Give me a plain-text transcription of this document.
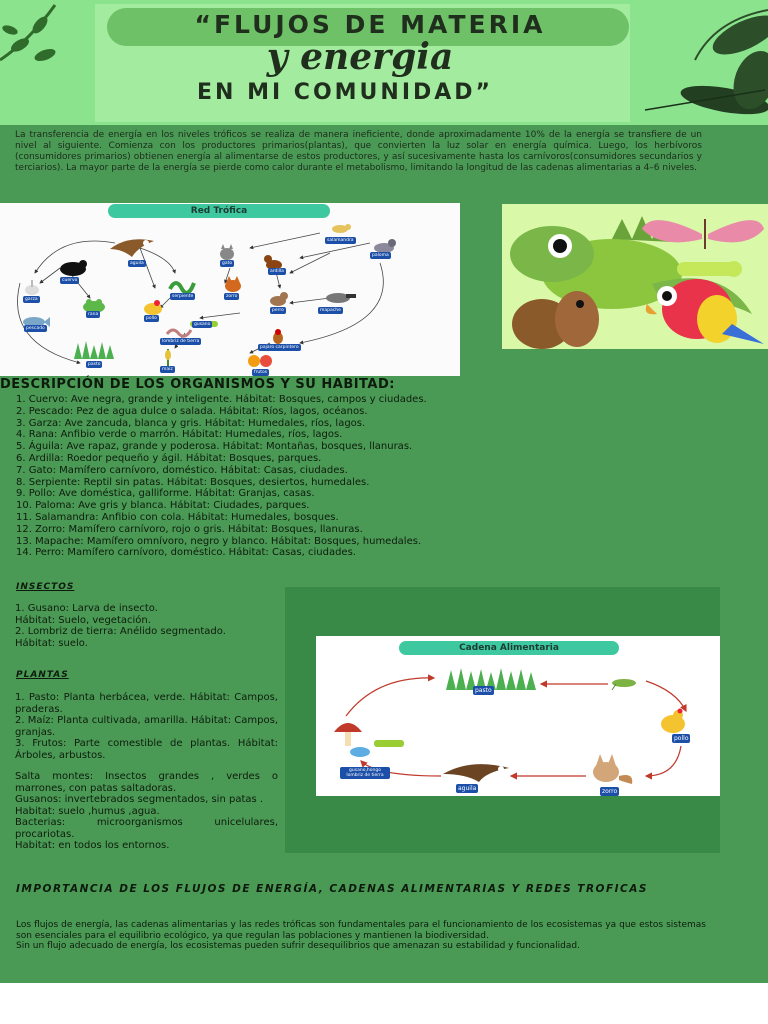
“FLUJOS DE MATERIA
y energia
EN MI COMUNIDAD”
La transferencia de energía en los niveles tróficos se realiza de manera ineficiente, donde aproximadamente 10% de la energía se transfiere de un nivel al siguiente. Comienza con los productores primarios(plantas), que convierten la luz solar en energía química. Luego, los herbívoros (consumidores primarios) obtienen energía al alimentarse de estos productores, y así sucesivamente hasta los carnívoros(consumidores secundarios y terciarios). La mayor parte de la energía se pierde como calor durante el metabolismo, limitando la longitud de las cadenas alimentarias a 4–6 niveles.
Red Trófica
aguila
cuervo
garza
pescado
rana
serpiente
pollo
gusano
lombriz de tierra
pasto
maiz
gato
ardilla
zorro
salamandra
paloma
perro	mapache
pajaro carpintero
frutos
DESCRIPCIÓN DE LOS ORGANISMOS Y SU HABITAD:
1. Cuervo: Ave negra, grande y inteligente. Hábitat: Bosques, campos y ciudades.
2. Pescado: Pez de agua dulce o salada. Hábitat: Ríos, lagos, océanos.
3. Garza: Ave zancuda, blanca y gris. Hábitat: Humedales, ríos, lagos.
4. Rana: Anfibio verde o marrón. Hábitat: Humedales, ríos, lagos.
5. Águila: Ave rapaz, grande y poderosa. Hábitat: Montañas, bosques, llanuras.
6. Ardilla: Roedor pequeño y ágil. Hábitat: Bosques, parques.
7. Gato: Mamífero carnívoro, doméstico. Hábitat: Casas, ciudades.
8. Serpiente: Reptil sin patas. Hábitat: Bosques, desiertos, humedales.
9. Pollo: Ave doméstica, galliforme. Hábitat: Granjas, casas.
10. Paloma: Ave gris y blanca. Hábitat: Ciudades, parques.
11. Salamandra: Anfibio con cola. Hábitat: Humedales, bosques.
12. Zorro: Mamífero carnívoro, rojo o gris. Hábitat: Bosques, llanuras.
13. Mapache: Mamífero omnívoro, negro y blanco. Hábitat: Bosques, humedales.
14. Perro: Mamífero carnívoro, doméstico. Hábitat: Casas, ciudades.
Cadena Alimentaria
pasto
pollo
zorro
aguila
gusano,hongo lombriz de tierra
INSECTOS

1. Gusano: Larva de insecto.

Hábitat: Suelo, vegetación.

2. Lombriz de tierra: Anélido segmentado.

Hábitat: suelo.

PLANTAS

1. Pasto: Planta herbácea, verde. Hábitat: Campos, praderas.

2. Maíz: Planta cultivada, amarilla. Hábitat: Campos, granjas.

3. Frutos: Parte comestible de plantas. Hábitat: Árboles, arbustos.

Salta montes: Insectos grandes , verdes o marrones, con patas saltadoras.

Gusanos: invertebrados segmentados, sin patas .

Habitat: suelo ,humus ,agua.

Bacterias: microorganismos unicelulares, procariotas.

Habitat: en todos los entornos.

IMPORTANCIA DE LOS FLUJOS DE ENERGÍA, CADENAS ALIMENTARIAS Y REDES TROFICAS

Los flujos de energía, las cadenas alimentarias y las redes tróficas son fundamentales para el funcionamiento de los ecosistemas ya que estos sistemas son esenciales para el equilibrio ecológico, ya que regulan las poblaciones y mantienen la biodiversidad.

Sin un flujo adecuado de energía, los ecosistemas pueden sufrir desequilibrios que amenazan su estabilidad y funcionalidad.
